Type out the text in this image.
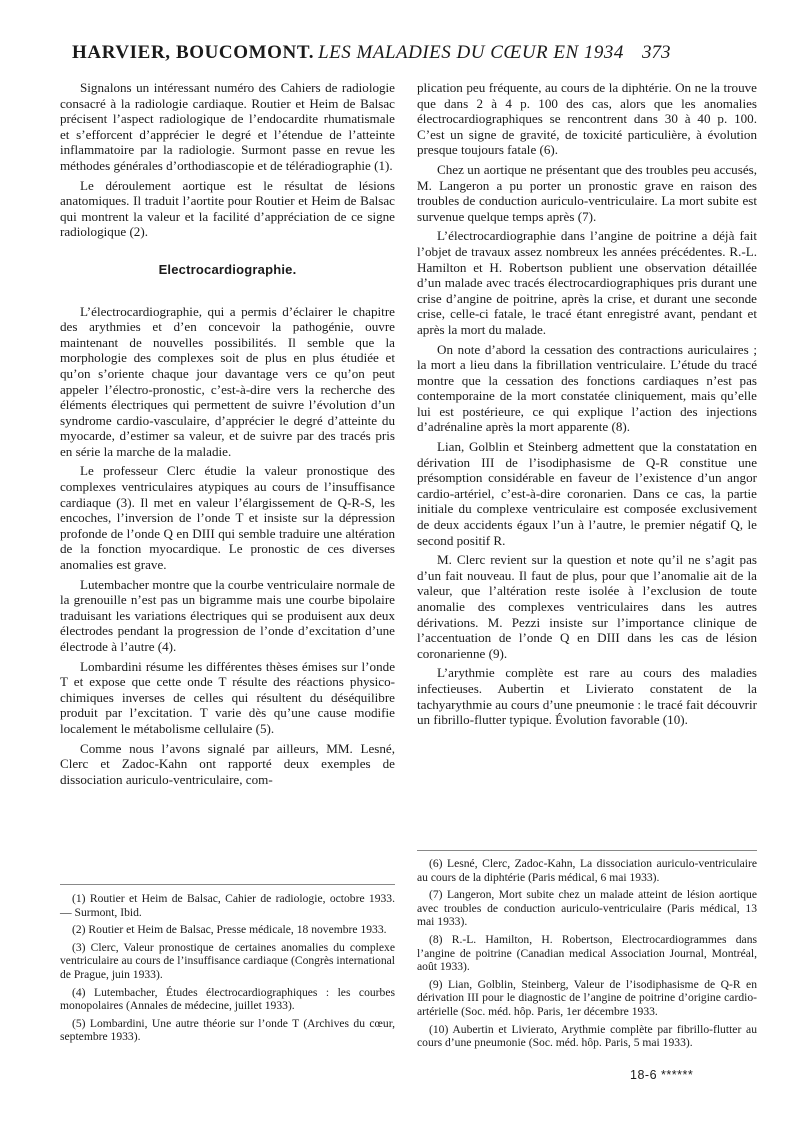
HARVIER, BOUCOMONT. LES MALADIES DU CŒUR EN 1934 373

Signalons un intéressant numéro des Cahiers de radiologie consacré à la radiologie cardiaque. Routier et Heim de Balsac précisent l’aspect radiologique de l’endocardite rhumatismale et s’efforcent d’apprécier le degré et l’étendue de l’atteinte inflammatoire par la radiologie. Surmont passe en revue les méthodes générales d’orthodiascopie et de téléradiographie (1).

Le déroulement aortique est le résultat de lésions anatomiques. Il traduit l’aortite pour Routier et Heim de Balsac qui montrent la valeur et la facilité d’appréciation de ce signe radiologique (2).

Electrocardiographie.

L’électrocardiographie, qui a permis d’éclairer le chapitre des arythmies et d’en concevoir la pathogénie, ouvre maintenant de nouvelles possibilités. Il semble que la morphologie des complexes soit de plus en plus étudiée et qu’on s’oriente chaque jour davantage vers ce qu’on peut appeler l’électro-pronostic, c’est-à-dire vers la recherche des éléments électriques qui permettent de suivre l’évolution d’un syndrome cardio-vasculaire, d’apprécier le degré d’atteinte du myocarde, d’estimer sa valeur, et de suivre par des tracés pris en série la marche de la maladie.

Le professeur Clerc étudie la valeur pronostique des complexes ventriculaires atypiques au cours de l’insuffisance cardiaque (3). Il met en valeur l’élargissement de Q-R-S, les encoches, l’inversion de l’onde T et insiste sur la dépression profonde de l’onde Q en DIII qui semble traduire une altération de la fonction myocardique. Le pronostic de ces diverses anomalies est grave.

Lutembacher montre que la courbe ventriculaire normale de la grenouille n’est pas un bigramme mais une courbe bipolaire traduisant les variations électriques qui se produisent aux deux électrodes pendant la progression de l’onde d’excitation d’une électrode à l’autre (4).

Lombardini résume les différentes thèses émises sur l’onde T et expose que cette onde T résulte des réactions physico-chimiques inverses de celles qui résultent du déséquilibre produit par l’excitation. T varie dès qu’une cause modifie localement le métabolisme cellulaire (5).

Comme nous l’avons signalé par ailleurs, MM. Lesné, Clerc et Zadoc-Kahn ont rapporté deux exemples de dissociation auriculo-ventriculaire, com-

plication peu fréquente, au cours de la diphtérie. On ne la trouve que dans 2 à 4 p. 100 des cas, alors que les anomalies électrocardiographiques se rencontrent dans 30 à 40 p. 100. C’est un signe de gravité, de toxicité particulière, à évolution presque toujours fatale (6).

Chez un aortique ne présentant que des troubles peu accusés, M. Langeron a pu porter un pronostic grave en raison des troubles de conduction auriculo-ventriculaire. La mort subite est survenue quelque temps après (7).

L’électrocardiographie dans l’angine de poitrine a déjà fait l’objet de travaux assez nombreux les années précédentes. R.-L. Hamilton et H. Robertson publient une observation détaillée d’un malade avec tracés électrocardiographiques pris durant une crise d’angine de poitrine, après la crise, et durant une seconde crise, celle-ci fatale, le tracé étant enregistré avant, pendant et après la mort du malade.

On note d’abord la cessation des contractions auriculaires ; la mort a lieu dans la fibrillation ventriculaire. L’étude du tracé montre que la cessation des fonctions cardiaques n’est pas contemporaine de la mort constatée cliniquement, mais qu’elle lui est postérieure, ce qui explique l’action des injections d’adrénaline après la mort apparente (8).

Lian, Golblin et Steinberg admettent que la constatation en dérivation III de l’isodiphasisme de Q-R constitue une présomption considérable en faveur de l’existence d’un angor cardio-artériel, c’est-à-dire coronarien. Dans ce cas, la partie initiale du complexe ventriculaire est composée exclusivement de deux accidents égaux l’un à l’autre, le premier négatif Q, le second positif R.

M. Clerc revient sur la question et note qu’il ne s’agit pas d’un fait nouveau. Il faut de plus, pour que l’anomalie ait de la valeur, que l’altération reste isolée à l’exclusion de toute anomalie des complexes ventriculaires dans les autres dérivations. M. Pezzi insiste sur l’importance clinique de l’accentuation de l’onde Q en DIII dans les cas de lésion coronarienne (9).

L’arythmie complète est rare au cours des maladies infectieuses. Aubertin et Livierato constatent de la tachyarythmie au cours d’une pneumonie : le tracé fait découvrir un fibrillo-flutter typique. Évolution favorable (10).

(1) Routier et Heim de Balsac, Cahier de radiologie, octobre 1933. — Surmont, Ibid.

(2) Routier et Heim de Balsac, Presse médicale, 18 novembre 1933.

(3) Clerc, Valeur pronostique de certaines anomalies du complexe ventriculaire au cours de l’insuffisance cardiaque (Congrès international de Prague, juin 1933).

(4) Lutembacher, Études électrocardiographiques : les courbes monopolaires (Annales de médecine, juillet 1933).

(5) Lombardini, Une autre théorie sur l’onde T (Archives du cœur, septembre 1933).

(6) Lesné, Clerc, Zadoc-Kahn, La dissociation auriculo-ventriculaire au cours de la diphtérie (Paris médical, 6 mai 1933).

(7) Langeron, Mort subite chez un malade atteint de lésion aortique avec troubles de conduction auriculo-ventriculaire (Paris médical, 13 mai 1933).

(8) R.-L. Hamilton, H. Robertson, Electrocardiogrammes dans l’angine de poitrine (Canadian medical Association Journal, Montréal, août 1933).

(9) Lian, Golblin, Steinberg, Valeur de l’isodiphasisme de Q-R en dérivation III pour le diagnostic de l’angine de poitrine d’origine cardio-artérielle (Soc. méd. hôp. Paris, 1er décembre 1933.

(10) Aubertin et Livierato, Arythmie complète par fibrillo-flutter au cours d’une pneumonie (Soc. méd. hôp. Paris, 5 mai 1933).

18-6 ******
